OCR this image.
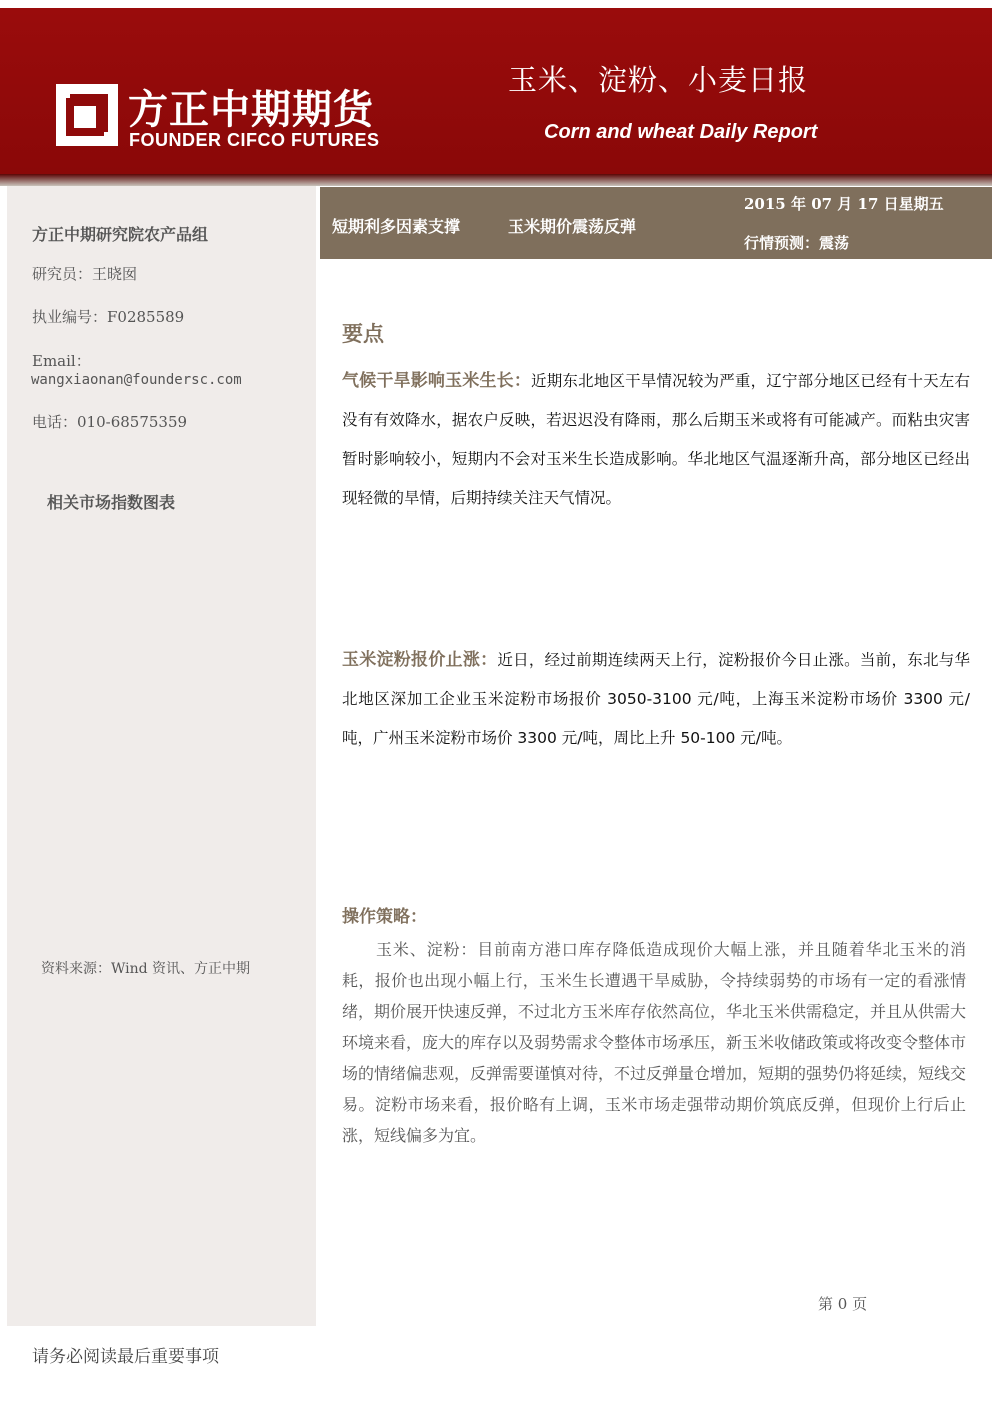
方正中期期货
FOUNDER CIFCO FUTURES
玉米、淀粉、小麦日报
Corn and wheat Daily Report
方正中期研究院农产品组
研究员：王晓囡
执业编号：F0285589
Email：
wangxiaonan@foundersc.com
电话：010-68575359
相关市场指数图表
资料来源：Wind 资讯、方正中期
短期利多因素支撑	玉米期价震荡反弹
2015 年 07 月 17 日星期五
行情预测：震荡
要点
气候干旱影响玉米生长：近期东北地区干旱情况较为严重，辽宁部分地区已经有十天左右没有有效降水，据农户反映，若迟迟没有降雨，那么后期玉米或将有可能减产。而粘虫灾害暂时影响较小，短期内不会对玉米生长造成影响。华北地区气温逐渐升高，部分地区已经出现轻微的旱情，后期持续关注天气情况。
玉米淀粉报价止涨：近日，经过前期连续两天上行，淀粉报价今日止涨。当前，东北与华北地区深加工企业玉米淀粉市场报价 3050-3100 元/吨，上海玉米淀粉市场价 3300 元/吨，广州玉米淀粉市场价 3300 元/吨，周比上升 50-100 元/吨。
操作策略：
玉米、淀粉：目前南方港口库存降低造成现价大幅上涨，并且随着华北玉米的消耗，报价也出现小幅上行，玉米生长遭遇干旱威胁，令持续弱势的市场有一定的看涨情绪，期价展开快速反弹，不过北方玉米库存依然高位，华北玉米供需稳定，并且从供需大环境来看，庞大的库存以及弱势需求令整体市场承压，新玉米收储政策或将改变令整体市场的情绪偏悲观，反弹需要谨慎对待，不过反弹量仓增加，短期的强势仍将延续，短线交易。淀粉市场来看，报价略有上调，玉米市场走强带动期价筑底反弹，但现价上行后止涨，短线偏多为宜。
第 0 页
请务必阅读最后重要事项
